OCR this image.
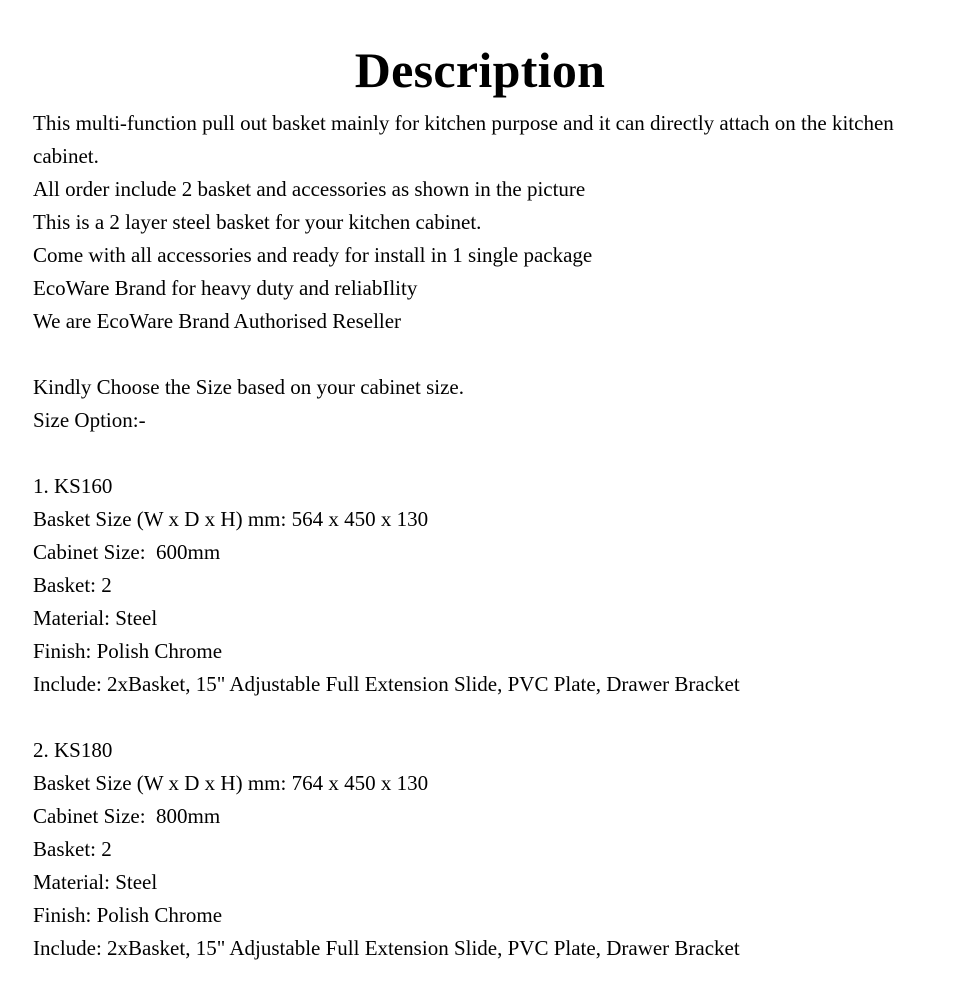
Description

This multi-function pull out basket mainly for kitchen purpose and it can directly attach on the kitchen cabinet.

All order include 2 basket and accessories as shown in the picture

This is a 2 layer steel basket for your kitchen cabinet.

Come with all accessories and ready for install in 1 single package

EcoWare Brand for heavy duty and reliabIlity

We are EcoWare Brand Authorised Reseller

Kindly Choose the Size based on your cabinet size.

Size Option:-

1. KS160

Basket Size (W x D x H) mm: 564 x 450 x 130

Cabinet Size:  600mm

Basket: 2

Material: Steel

Finish: Polish Chrome

Include: 2xBasket, 15" Adjustable Full Extension Slide, PVC Plate, Drawer Bracket

2. KS180

Basket Size (W x D x H) mm: 764 x 450 x 130

Cabinet Size:  800mm

Basket: 2

Material: Steel

Finish: Polish Chrome

Include: 2xBasket, 15" Adjustable Full Extension Slide, PVC Plate, Drawer Bracket
